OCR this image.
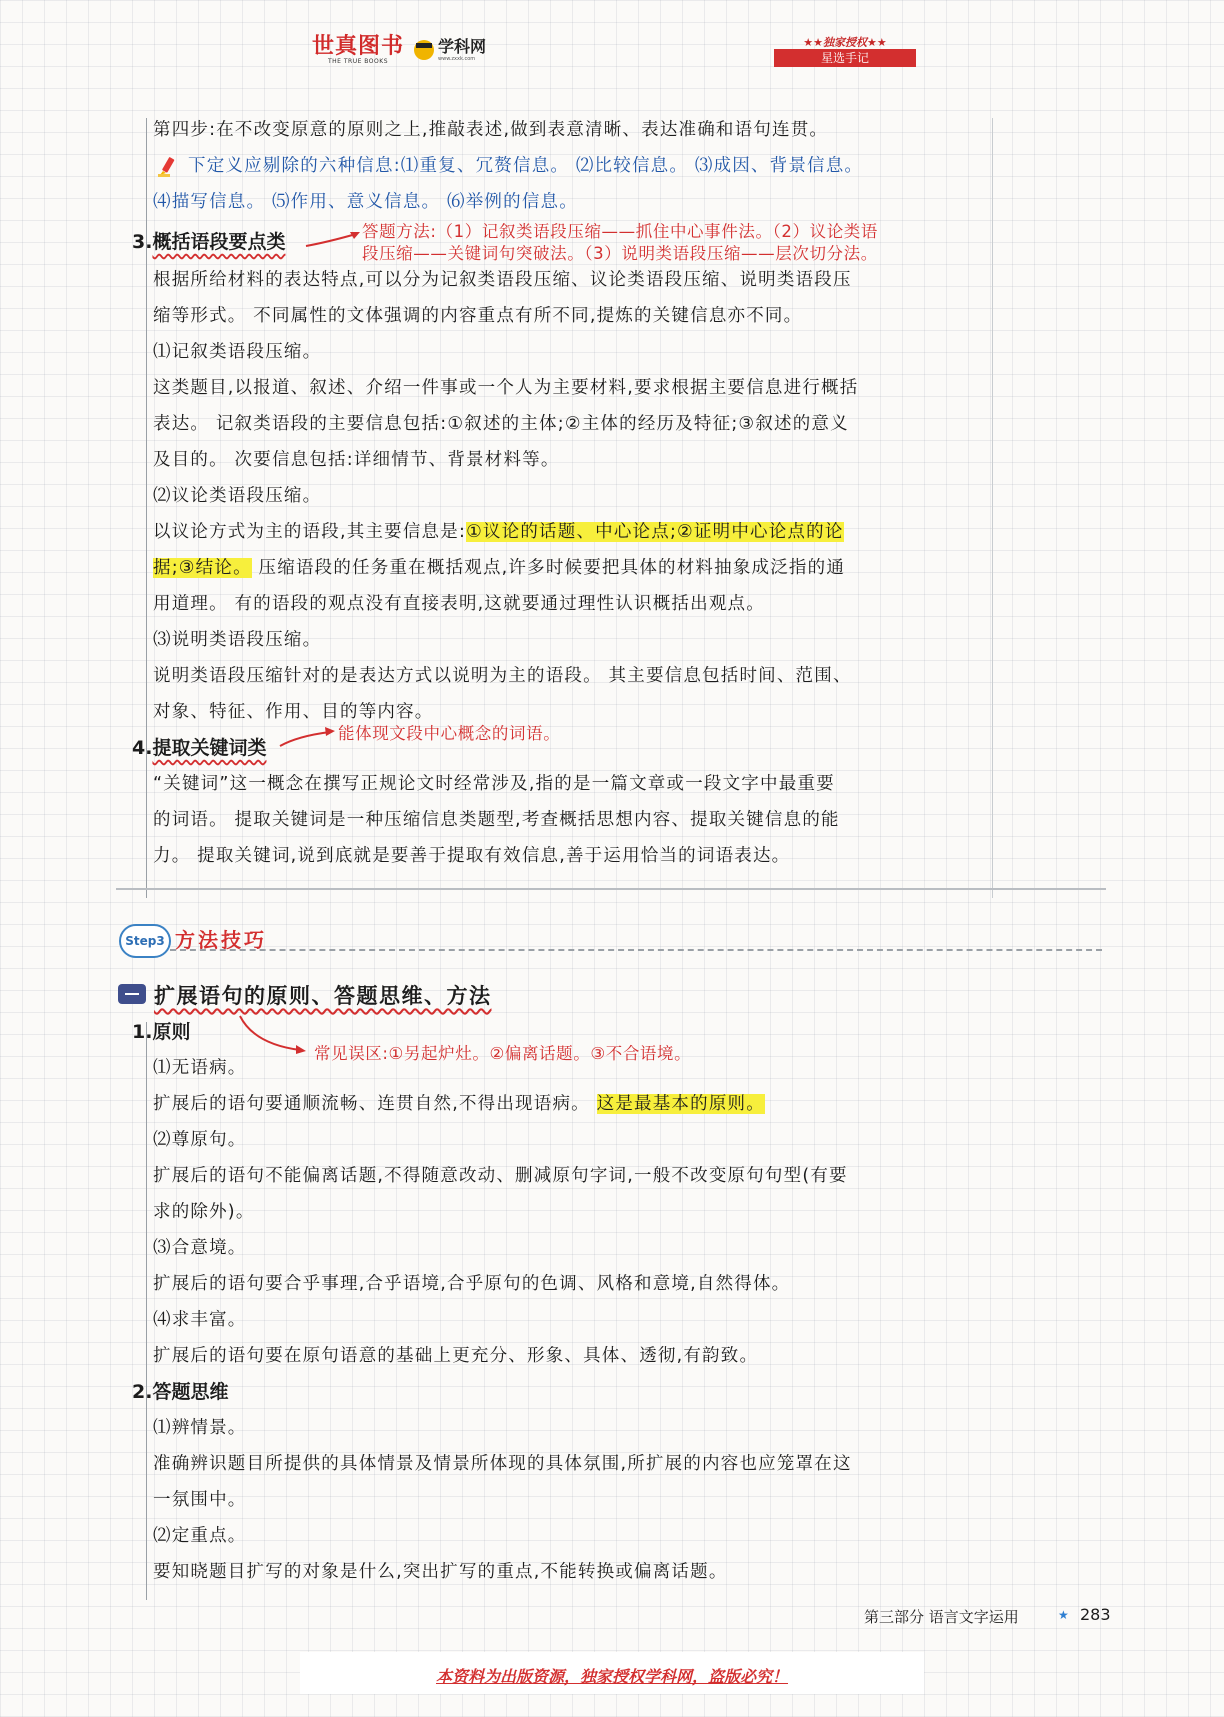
世真图书
THE TRUE BOOKS
学科网
www.zxxk.com
★★独家授权★★
星选手记
第四步:在不改变原意的原则之上,推敲表述,做到表意清晰、表达准确和语句连贯。
下定义应剔除的六种信息:⑴重复、冗赘信息。 ⑵比较信息。 ⑶成因、背景信息。
⑷描写信息。 ⑸作用、意义信息。 ⑹举例的信息。
3.概括语段要点类	答题方法:（1）记叙类语段压缩——抓住中心事件法。（2）议论类语
段压缩——关键词句突破法。（3）说明类语段压缩——层次切分法。
根据所给材料的表达特点,可以分为记叙类语段压缩、议论类语段压缩、说明类语段压
缩等形式。 不同属性的文体强调的内容重点有所不同,提炼的关键信息亦不同。
⑴记叙类语段压缩。
这类题目,以报道、叙述、介绍一件事或一个人为主要材料,要求根据主要信息进行概括
表达。 记叙类语段的主要信息包括:①叙述的主体;②主体的经历及特征;③叙述的意义
及目的。 次要信息包括:详细情节、背景材料等。
⑵议论类语段压缩。
以议论方式为主的语段,其主要信息是:①议论的话题、中心论点;②证明中心论点的论
据;③结论。 压缩语段的任务重在概括观点,许多时候要把具体的材料抽象成泛指的通
用道理。 有的语段的观点没有直接表明,这就要通过理性认识概括出观点。
⑶说明类语段压缩。
说明类语段压缩针对的是表达方式以说明为主的语段。 其主要信息包括时间、范围、
对象、特征、作用、目的等内容。
4.提取关键词类
能体现文段中心概念的词语。
“关键词”这一概念在撰写正规论文时经常涉及,指的是一篇文章或一段文字中最重要
的词语。 提取关键词是一种压缩信息类题型,考查概括思想内容、提取关键信息的能
力。 提取关键词,说到底就是要善于提取有效信息,善于运用恰当的词语表达。
Step3 方法技巧
扩展语句的原则、答题思维、方法
1.原则
常见误区:①另起炉灶。②偏离话题。③不合语境。
⑴无语病。
扩展后的语句要通顺流畅、连贯自然,不得出现语病。 这是最基本的原则。
⑵尊原句。
扩展后的语句不能偏离话题,不得随意改动、删减原句字词,一般不改变原句句型(有要
求的除外)。
⑶合意境。
扩展后的语句要合乎事理,合乎语境,合乎原句的色调、风格和意境,自然得体。
⑷求丰富。
扩展后的语句要在原句语意的基础上更充分、形象、具体、透彻,有韵致。
2.答题思维
⑴辨情景。
准确辨识题目所提供的具体情景及情景所体现的具体氛围,所扩展的内容也应笼罩在这
一氛围中。
⑵定重点。
要知晓题目扩写的对象是什么,突出扩写的重点,不能转换或偏离话题。
第三部分 语言文字运用	★ 283
本资料为出版资源，独家授权学科网，盗版必究！
